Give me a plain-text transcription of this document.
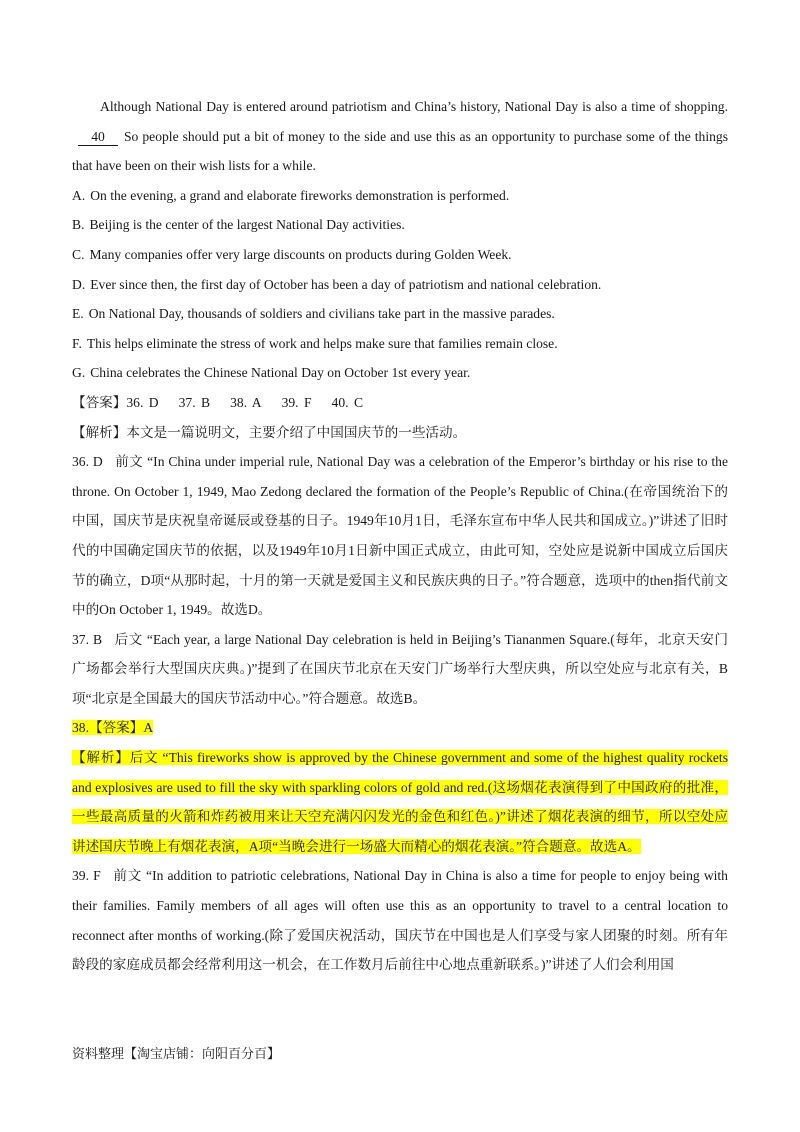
Although National Day is entered around patriotism and China’s history, National Day is also a time of shopping.40 So people should put a bit of money to the side and use this as an opportunity to purchase some of the things that have been on their wish lists for a while.

A. On the evening, a grand and elaborate fireworks demonstration is performed.

B. Beijing is the center of the largest National Day activities.

C. Many companies offer very large discounts on products during Golden Week.

D. Ever since then, the first day of October has been a day of patriotism and national celebration.

E. On National Day, thousands of soldiers and civilians take part in the massive parades.

F. This helps eliminate the stress of work and helps make sure that families remain close.

G. China celebrates the Chinese National Day on October 1st every year.

【答案】36. D 37. B 38. A 39. F 40. C

【解析】本文是一篇说明文，主要介绍了中国国庆节的一些活动。

36. D 前文 “In China under imperial rule, National Day was a celebration of the Emperor’s birthday or his rise to the throne. On October 1, 1949, Mao Zedong declared the formation of the People’s Republic of China.(在帝国统治下的中国，国庆节是庆祝皇帝诞辰或登基的日子。1949年10月1日，毛泽东宣布中华人民共和国成立。)”讲述了旧时代的中国确定国庆节的依据，以及1949年10月1日新中国正式成立，由此可知，空处应是说新中国成立后国庆节的确立，D项“从那时起，十月的第一天就是爱国主义和民族庆典的日子。”符合题意，选项中的then指代前文中的On October 1, 1949。故选D。

37. B 后文 “Each year, a large National Day celebration is held in Beijing’s Tiananmen Square.(每年，北京天安门广场都会举行大型国庆庆典。)”提到了在国庆节北京在天安门广场举行大型庆典，所以空处应与北京有关，B项“北京是全国最大的国庆节活动中心。”符合题意。故选B。

38.【答案】A

【解析】后文 “This fireworks show is approved by the Chinese government and some of the highest quality rockets and explosives are used to fill the sky with sparkling colors of gold and red.(这场烟花表演得到了中国政府的批准，一些最高质量的火箭和炸药被用来让天空充满闪闪发光的金色和红色。)”讲述了烟花表演的细节，所以空处应讲述国庆节晚上有烟花表演，A项“当晚会进行一场盛大而精心的烟花表演。”符合题意。故选A。

39. F 前文 “In addition to patriotic celebrations, National Day in China is also a time for people to enjoy being with their families. Family members of all ages will often use this as an opportunity to travel to a central location to reconnect after months of working.(除了爱国庆祝活动，国庆节在中国也是人们享受与家人团聚的时刻。所有年龄段的家庭成员都会经常利用这一机会，在工作数月后前往中心地点重新联系。)”讲述了人们会利用国

资料整理【淘宝店铺：向阳百分百】
